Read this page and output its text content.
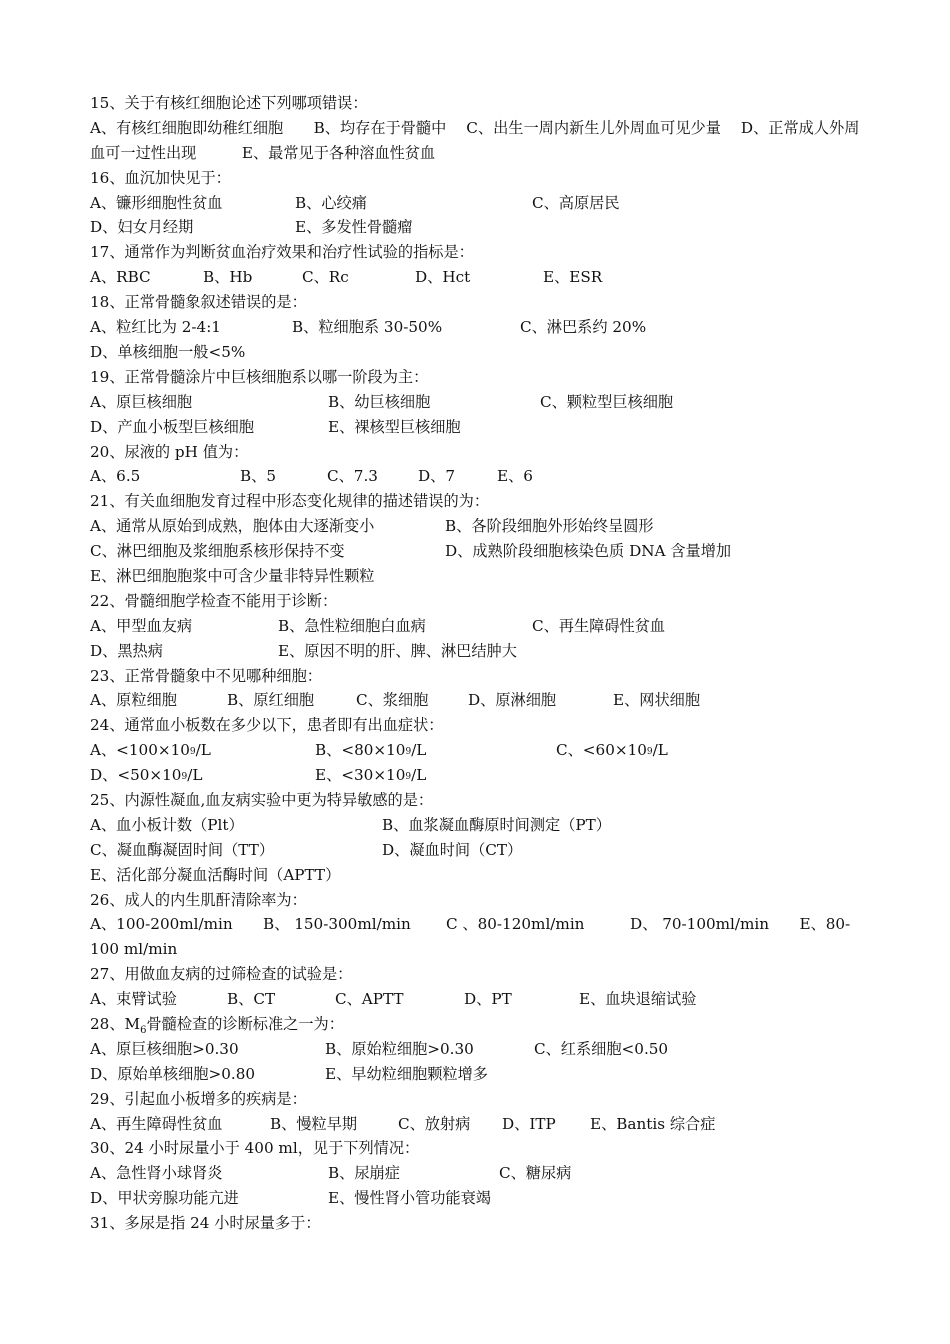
15、关于有核红细胞论述下列哪项错误：
A、有核红细胞即幼稚红细胞　　B、均存在于骨髓中　 C、出生一周内新生儿外周血可见少量　 D、正常成人外周血可一过性出现　　　E、最常见于各种溶血性贫血
16、血沉加快见于：
A、镰形细胞性贫血	B、心绞痛	C、高原居民
D、妇女月经期	E、多发性骨髓瘤
17、通常作为判断贫血治疗效果和治疗性试验的指标是：
A、RBC	B、Hb	C、Rc	D、Hct	E、ESR
18、正常骨髓象叙述错误的是：
A、粒红比为 2-4:1	B、粒细胞系 30-50%	C、淋巴系约 20%
D、单核细胞一般<5%
19、正常骨髓涂片中巨核细胞系以哪一阶段为主：
A、原巨核细胞	B、幼巨核细胞	C、颗粒型巨核细胞
D、产血小板型巨核细胞	E、裸核型巨核细胞
20、尿液的 pH 值为：
A、6.5	B、5	C、7.3	D、7	E、6
21、有关血细胞发育过程中形态变化规律的描述错误的为：
A、通常从原始到成熟，胞体由大逐渐变小	B、各阶段细胞外形始终呈圆形
C、淋巴细胞及浆细胞系核形保持不变	D、成熟阶段细胞核染色质 DNA 含量增加
E、淋巴细胞胞浆中可含少量非特异性颗粒
22、骨髓细胞学检查不能用于诊断：
A、甲型血友病	B、急性粒细胞白血病	C、再生障碍性贫血
D、黑热病	E、原因不明的肝、脾、淋巴结肿大
23、正常骨髓象中不见哪种细胞：
A、原粒细胞	B、原红细胞	C、浆细胞	D、原淋细胞	E、网状细胞
24、通常血小板数在多少以下，患者即有出血症状：
A、<100×109/L	B、<80×109/L	C、<60×109/L
D、<50×109/L	E、<30×109/L
25、内源性凝血,血友病实验中更为特异敏感的是：
A、血小板计数（Plt）	B、血浆凝血酶原时间测定（PT）
C、凝血酶凝固时间（TT）	D、凝血时间（CT）
E、活化部分凝血活酶时间（APTT）
26、成人的内生肌酐清除率为：
A、100-200ml/min　　B、 150-300ml/min　　 C 、80-120ml/min　　　D、 70-100ml/min　　E、80-100 ml/min
27、用做血友病的过筛检查的试验是：
A、束臂试验	B、CT	C、APTT	D、PT	E、血块退缩试验
28、$M_6$骨髓检查的诊断标准之一为：
A、原巨核细胞>0.30	B、原始粒细胞>0.30	C、红系细胞<0.50
D、原始单核细胞>0.80	E、早幼粒细胞颗粒增多
29、引起血小板增多的疾病是：
A、再生障碍性贫血	B、慢粒早期	C、放射病 D、ITP E、Bantis 综合症
30、24 小时尿量小于 400 ml，见于下列情况：
A、急性肾小球肾炎	B、尿崩症	C、糖尿病
D、甲状旁腺功能亢进	E、慢性肾小管功能衰竭
31、多尿是指 24 小时尿量多于：
